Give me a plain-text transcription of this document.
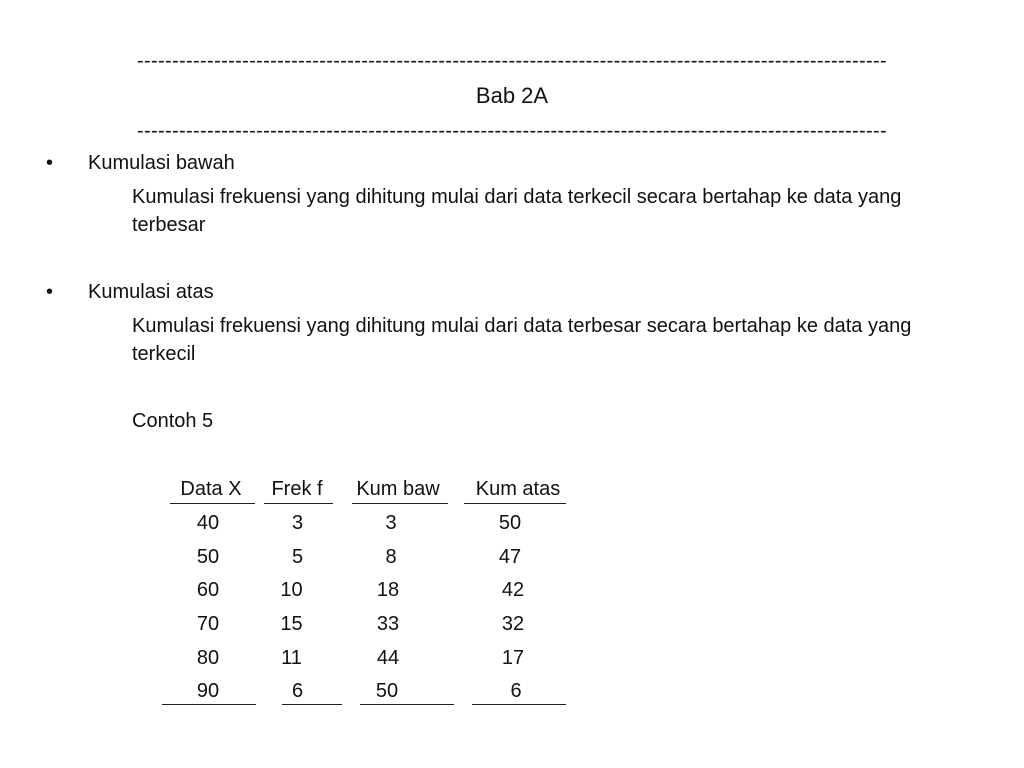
-----------------------------------------------------------------------------------------------------------
Bab 2A
-----------------------------------------------------------------------------------------------------------
• Kumulasi bawah
Kumulasi frekuensi yang dihitung mulai dari data terkecil secara bertahap ke data yang terbesar
• Kumulasi atas
Kumulasi frekuensi yang dihitung mulai dari data terbesar secara bertahap ke data yang terkecil
Contoh 5
Data X	Frek f	Kum baw	Kum atas
40	3	3	50
50	5	8	47
60	10	18	42
70	15	33	32
80	11	44	17
90	6	50	6
